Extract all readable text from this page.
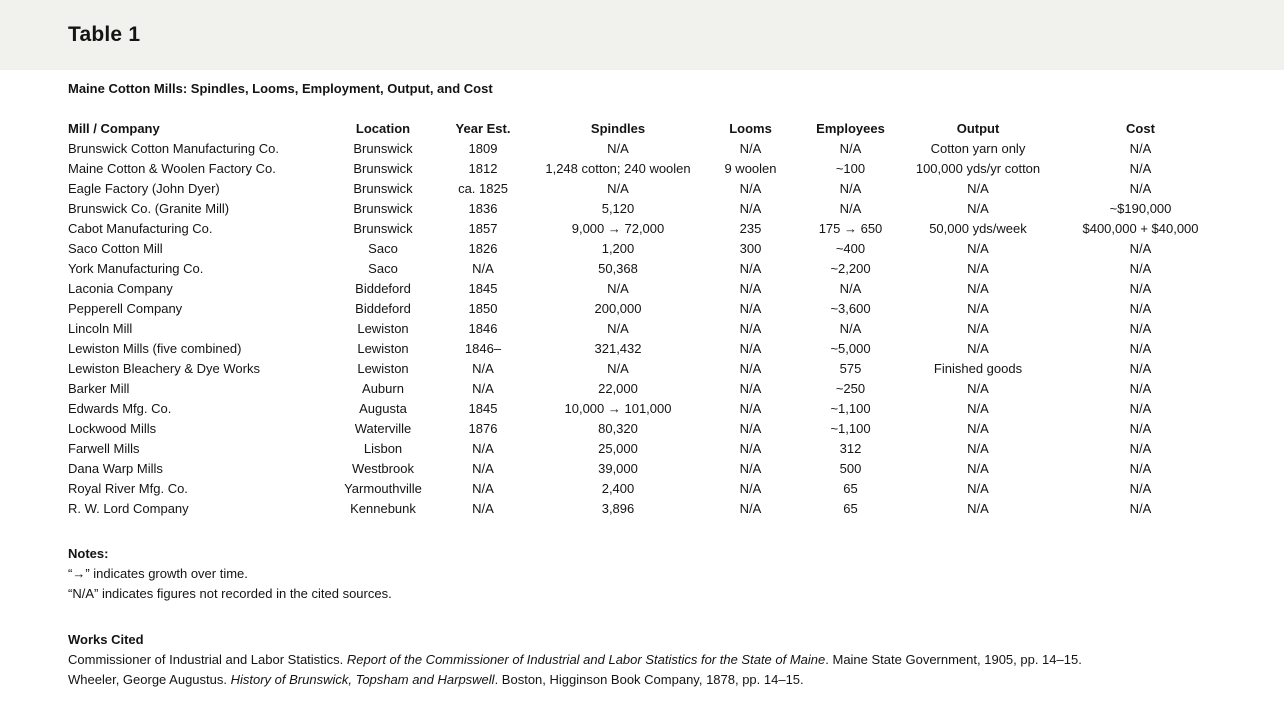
Table 1
Maine Cotton Mills: Spindles, Looms, Employment, Output, and Cost
Mill / Company	Location	Year Est.	Spindles	Looms	Employees	Output	Cost
Brunswick Cotton Manufacturing Co.	Brunswick	1809	N/A	N/A	N/A	Cotton yarn only	N/A
Maine Cotton & Woolen Factory Co.	Brunswick	1812	1,248 cotton; 240 woolen	9 woolen	~100	100,000 yds/yr cotton	N/A
Eagle Factory (John Dyer)	Brunswick	ca. 1825	N/A	N/A	N/A	N/A	N/A
Brunswick Co. (Granite Mill)	Brunswick	1836	5,120	N/A	N/A	N/A	~$190,000
Cabot Manufacturing Co.	Brunswick	1857	9,000 → 72,000	235	175 → 650	50,000 yds/week	$400,000 + $40,000
Saco Cotton Mill	Saco	1826	1,200	300	~400	N/A	N/A
York Manufacturing Co.	Saco	N/A	50,368	N/A	~2,200	N/A	N/A
Laconia Company	Biddeford	1845	N/A	N/A	N/A	N/A	N/A
Pepperell Company	Biddeford	1850	200,000	N/A	~3,600	N/A	N/A
Lincoln Mill	Lewiston	1846	N/A	N/A	N/A	N/A	N/A
Lewiston Mills (five combined)	Lewiston	1846–	321,432	N/A	~5,000	N/A	N/A
Lewiston Bleachery & Dye Works	Lewiston	N/A	N/A	N/A	575	Finished goods	N/A
Barker Mill	Auburn	N/A	22,000	N/A	~250	N/A	N/A
Edwards Mfg. Co.	Augusta	1845	10,000 → 101,000	N/A	~1,100	N/A	N/A
Lockwood Mills	Waterville	1876	80,320	N/A	~1,100	N/A	N/A
Farwell Mills	Lisbon	N/A	25,000	N/A	312	N/A	N/A
Dana Warp Mills	Westbrook	N/A	39,000	N/A	500	N/A	N/A
Royal River Mfg. Co.	Yarmouthville	N/A	2,400	N/A	65	N/A	N/A
R. W. Lord Company	Kennebunk	N/A	3,896	N/A	65	N/A	N/A
Notes:
“→” indicates growth over time.
“N/A” indicates figures not recorded in the cited sources.
Works Cited

Commissioner of Industrial and Labor Statistics. Report of the Commissioner of Industrial and Labor Statistics for the State of Maine. Maine State Government, 1905, pp. 14–15.

Wheeler, George Augustus. History of Brunswick, Topsham and Harpswell. Boston, Higginson Book Company, 1878, pp. 14–15.
